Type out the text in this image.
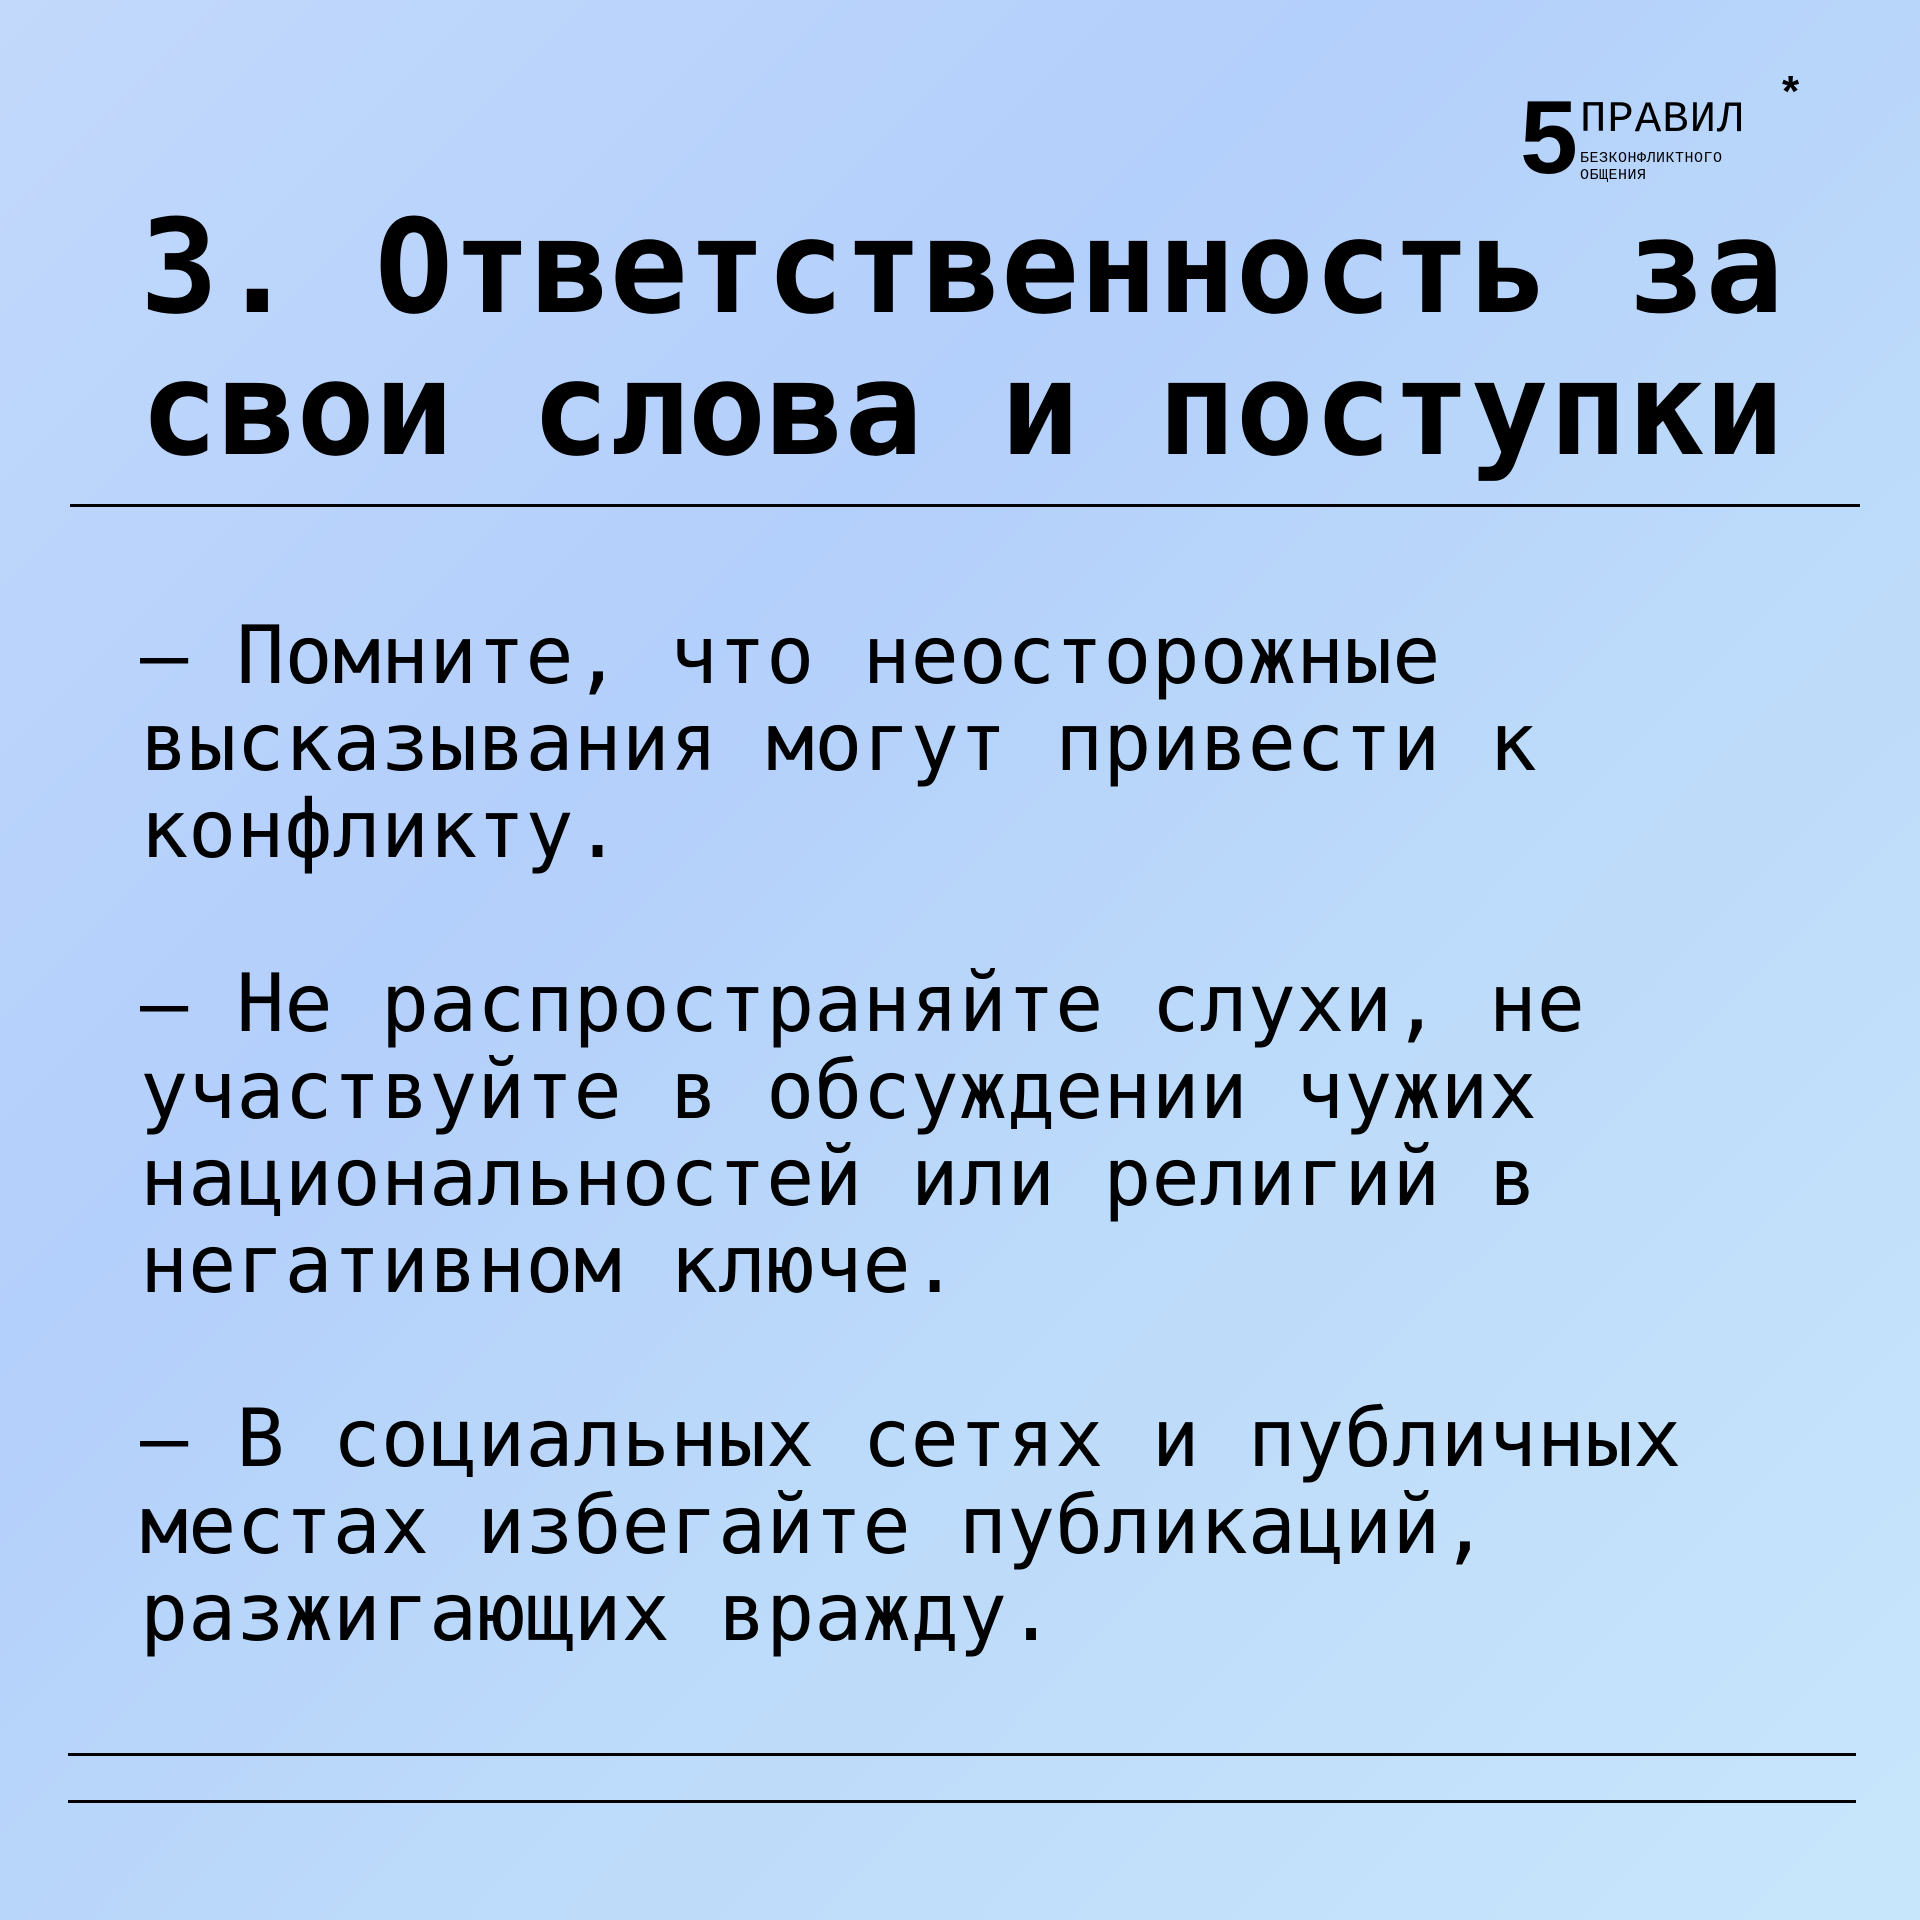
5 ПРАВИЛ
*
БЕЗКОНФЛИКТНОГО
ОБЩЕНИЯ
3. Ответственность за
свои слова и поступки

– Помните, что неосторожные
высказывания могут привести к
конфликту.

– Не распространяйте слухи, не
участвуйте в обсуждении чужих
национальностей или религий в
негативном ключе.

– В социальных сетях и публичных
местах избегайте публикаций,
разжигающих вражду.
